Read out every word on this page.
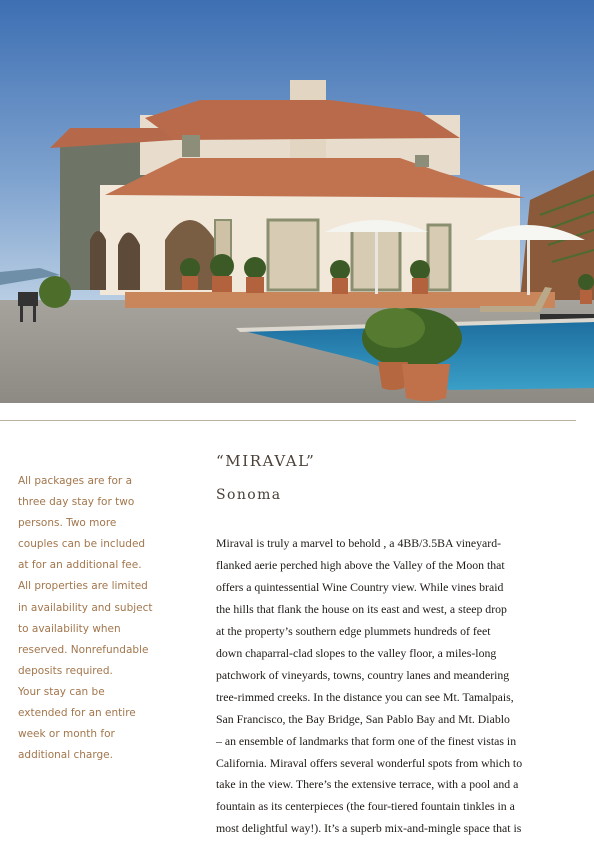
All packages are for a

three day stay for two

persons. Two more

couples can be included

at for an additional fee.

All properties are limited

in availability and subject

to availability when

reserved. Nonrefundable

deposits required.

Your stay can be

extended for an entire

week or month for

additional charge.

“MIRAVAL”
Sonoma
Miraval is truly a marvel to behold , a 4BB/3.5BA vineyard-
flanked aerie perched high above the Valley of the Moon that
offers a quintessential Wine Country view. While vines braid
the hills that flank the house on its east and west, a steep drop
at the property’s southern edge plummets hundreds of feet
down chaparral-clad slopes to the valley floor, a miles-long
patchwork of vineyards, towns, country lanes and meandering
tree-rimmed creeks. In the distance you can see Mt. Tamalpais,
San Francisco, the Bay Bridge, San Pablo Bay and Mt. Diablo
– an ensemble of landmarks that form one of the finest vistas in
California. Miraval offers several wonderful spots from which to
take in the view. There’s the extensive terrace, with a pool and a
fountain as its centerpieces (the four-tiered fountain tinkles in a
most delightful way!). It’s a superb mix-and-mingle space that is
